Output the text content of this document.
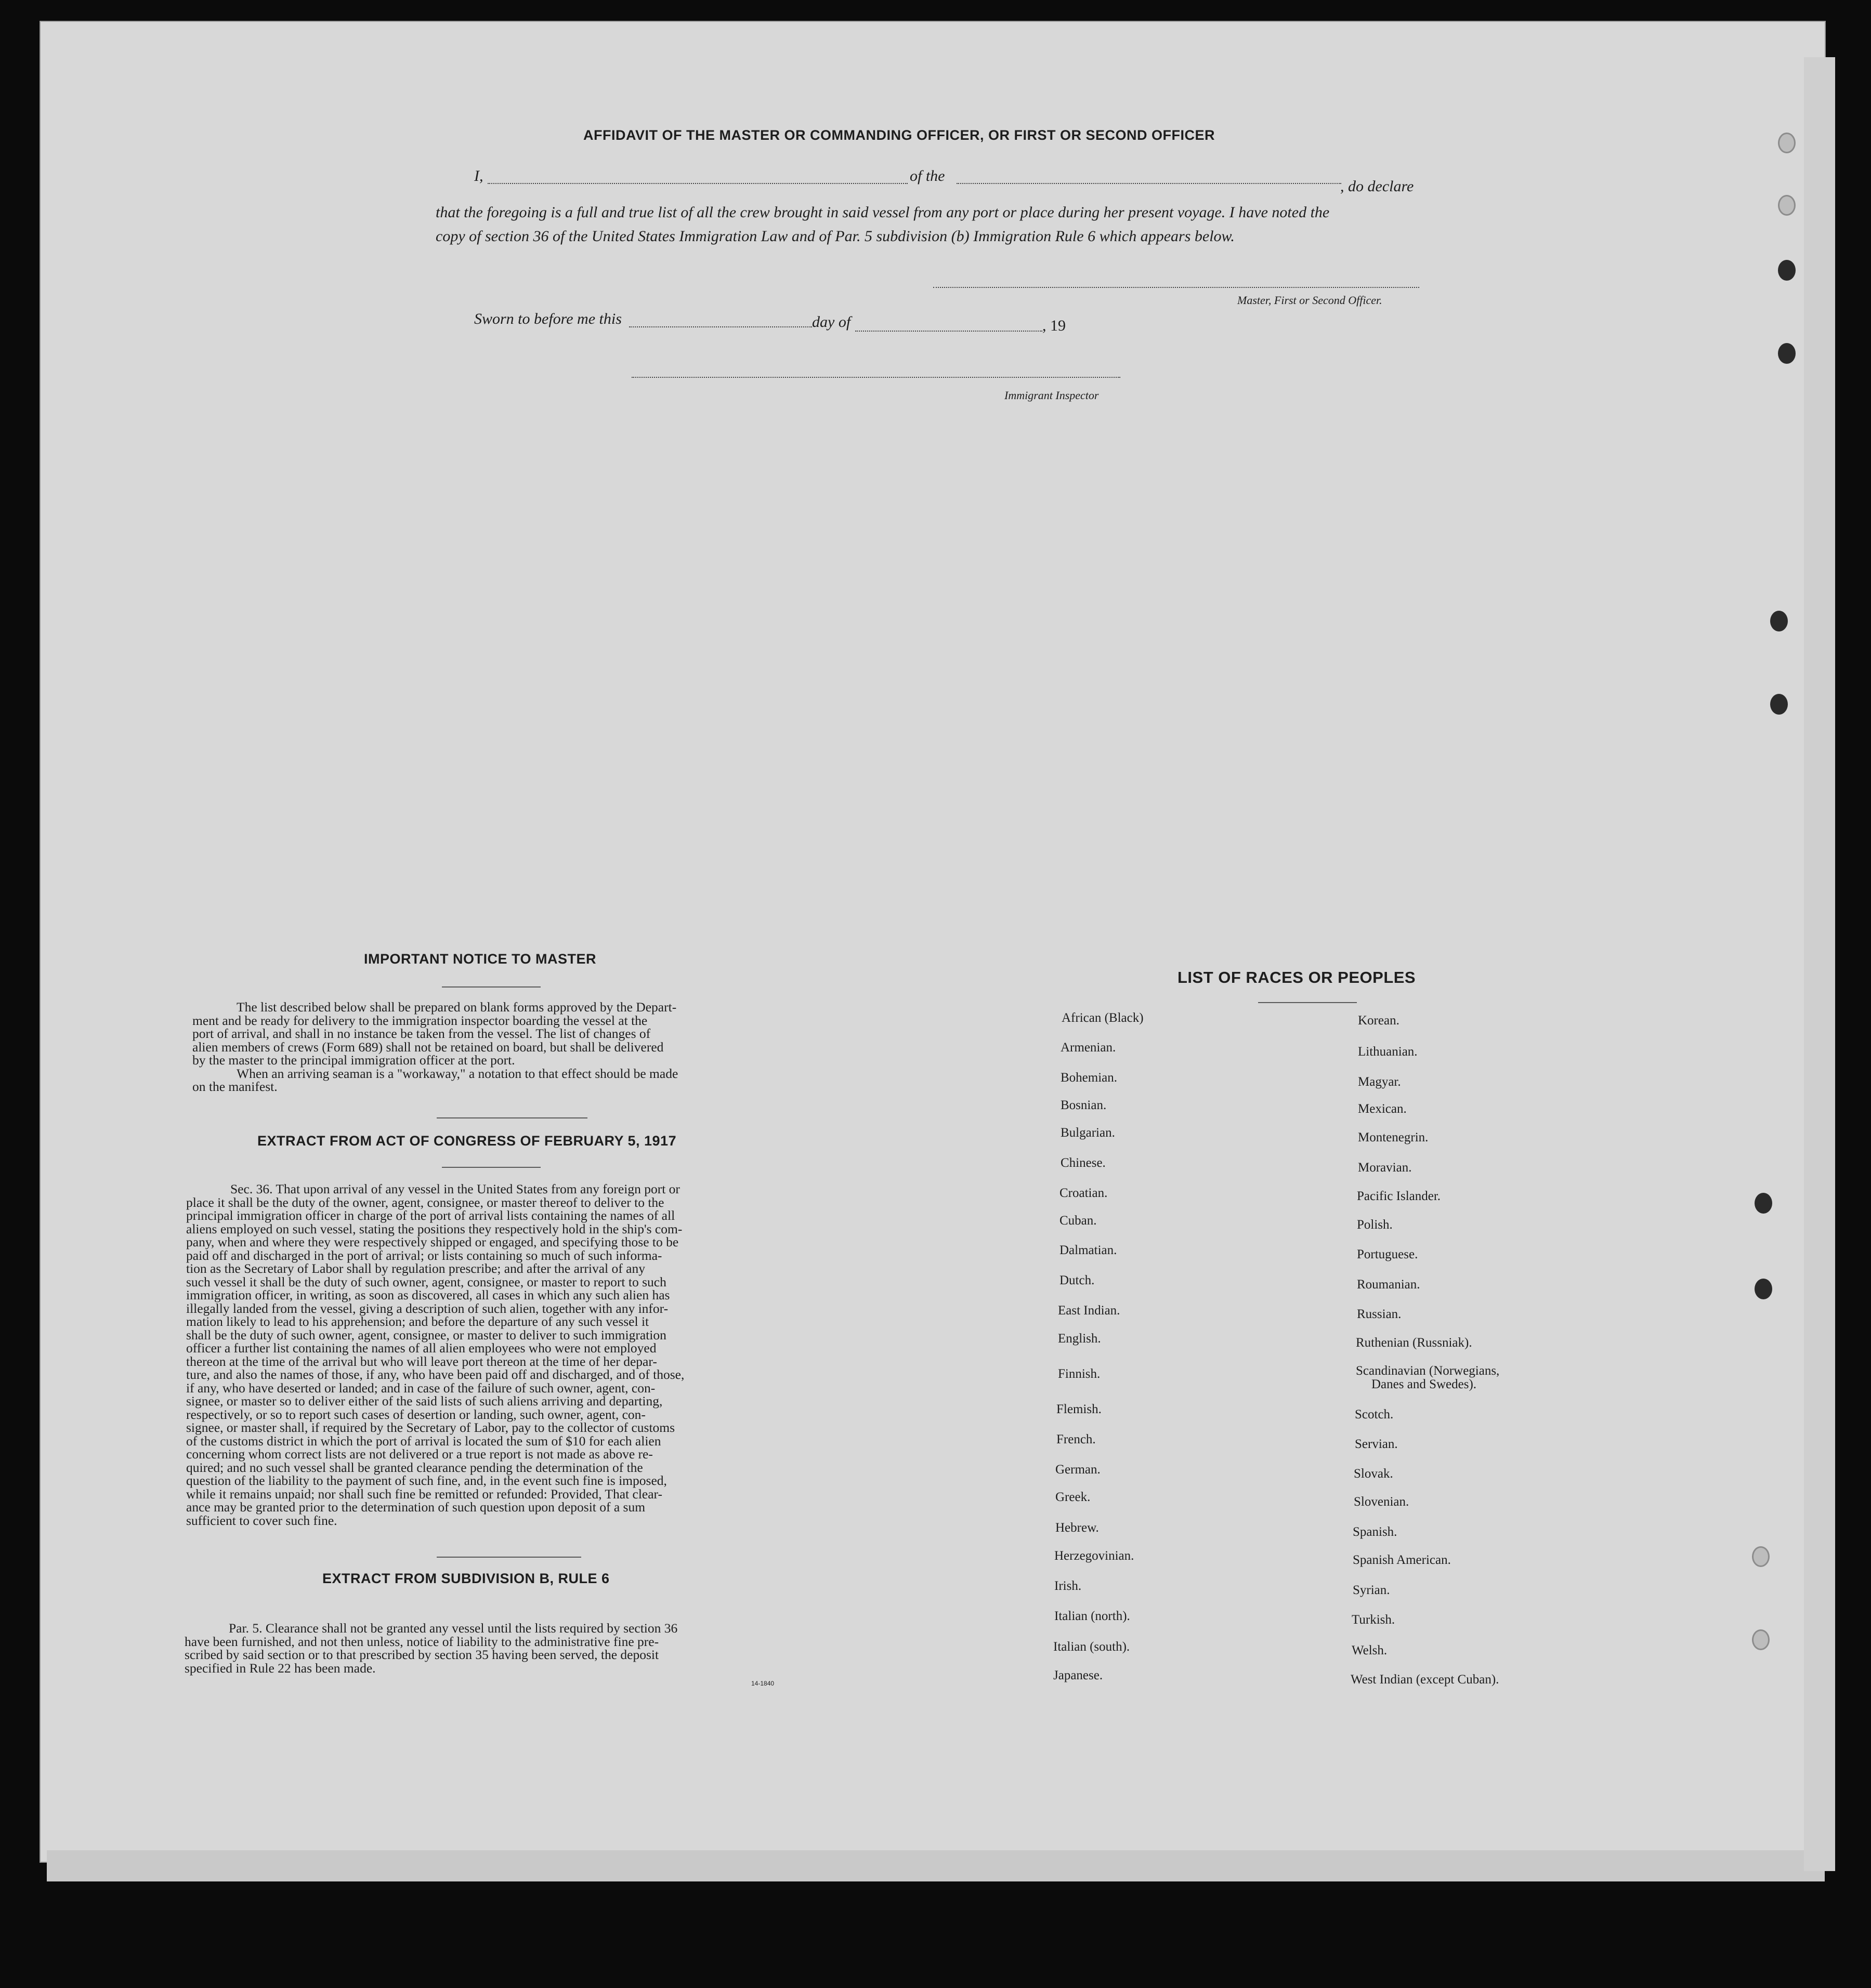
AFFIDAVIT OF THE MASTER OR COMMANDING OFFICER, OR FIRST OR SECOND OFFICER
I,	of the
, do declare
that the foregoing is a full and true list of all the crew brought in said vessel from any port or place during her present voyage. I have noted the
copy of section 36 of the United States Immigration Law and of Par. 5 subdivision (b) Immigration Rule 6 which appears below.
Master, First or Second Officer.
Sworn to before me this	day of	, 19
Immigrant Inspector
IMPORTANT NOTICE TO MASTER
The list described below shall be prepared on blank forms approved by the Depart-
ment and be ready for delivery to the immigration inspector boarding the vessel at the
port of arrival, and shall in no instance be taken from the vessel. The list of changes of
alien members of crews (Form 689) shall not be retained on board, but shall be delivered
by the master to the principal immigration officer at the port.
When an arriving seaman is a "workaway," a notation to that effect should be made
on the manifest.
EXTRACT FROM ACT OF CONGRESS OF FEBRUARY 5, 1917
Sec. 36. That upon arrival of any vessel in the United States from any foreign port or
place it shall be the duty of the owner, agent, consignee, or master thereof to deliver to the
principal immigration officer in charge of the port of arrival lists containing the names of all
aliens employed on such vessel, stating the positions they respectively hold in the ship's com-
pany, when and where they were respectively shipped or engaged, and specifying those to be
paid off and discharged in the port of arrival; or lists containing so much of such informa-
tion as the Secretary of Labor shall by regulation prescribe; and after the arrival of any
such vessel it shall be the duty of such owner, agent, consignee, or master to report to such
immigration officer, in writing, as soon as discovered, all cases in which any such alien has
illegally landed from the vessel, giving a description of such alien, together with any infor-
mation likely to lead to his apprehension; and before the departure of any such vessel it
shall be the duty of such owner, agent, consignee, or master to deliver to such immigration
officer a further list containing the names of all alien employees who were not employed
thereon at the time of the arrival but who will leave port thereon at the time of her depar-
ture, and also the names of those, if any, who have been paid off and discharged, and of those,
if any, who have deserted or landed; and in case of the failure of such owner, agent, con-
signee, or master so to deliver either of the said lists of such aliens arriving and departing,
respectively, or so to report such cases of desertion or landing, such owner, agent, con-
signee, or master shall, if required by the Secretary of Labor, pay to the collector of customs
of the customs district in which the port of arrival is located the sum of $10 for each alien
concerning whom correct lists are not delivered or a true report is not made as above re-
quired; and no such vessel shall be granted clearance pending the determination of the
question of the liability to the payment of such fine, and, in the event such fine is imposed,
while it remains unpaid; nor shall such fine be remitted or refunded: Provided, That clear-
ance may be granted prior to the determination of such question upon deposit of a sum
sufficient to cover such fine.
EXTRACT FROM SUBDIVISION B, RULE 6
Par. 5. Clearance shall not be granted any vessel until the lists required by section 36
have been furnished, and not then unless, notice of liability to the administrative fine pre-
scribed by said section or to that prescribed by section 35 having been served, the deposit
specified in Rule 22 has been made.
14-1840
LIST OF RACES OR PEOPLES
African (Black)
Armenian.
Bohemian.
Bosnian.
Bulgarian.
Chinese.
Croatian.
Cuban.
Dalmatian.
Dutch.
East Indian.
English.
Finnish.
Flemish.
French.
German.
Greek.
Hebrew.
Herzegovinian.
Irish.
Italian (north).
Italian (south).
Japanese.
Korean.
Lithuanian.
Magyar.
Mexican.
Montenegrin.
Moravian.
Pacific Islander.
Polish.
Portuguese.
Roumanian.
Russian.
Ruthenian (Russniak).
Scandinavian (Norwegians,
Danes and Swedes).
Scotch.
Servian.
Slovak.
Slovenian.
Spanish.
Spanish American.
Syrian.
Turkish.
Welsh.
West Indian (except Cuban).
